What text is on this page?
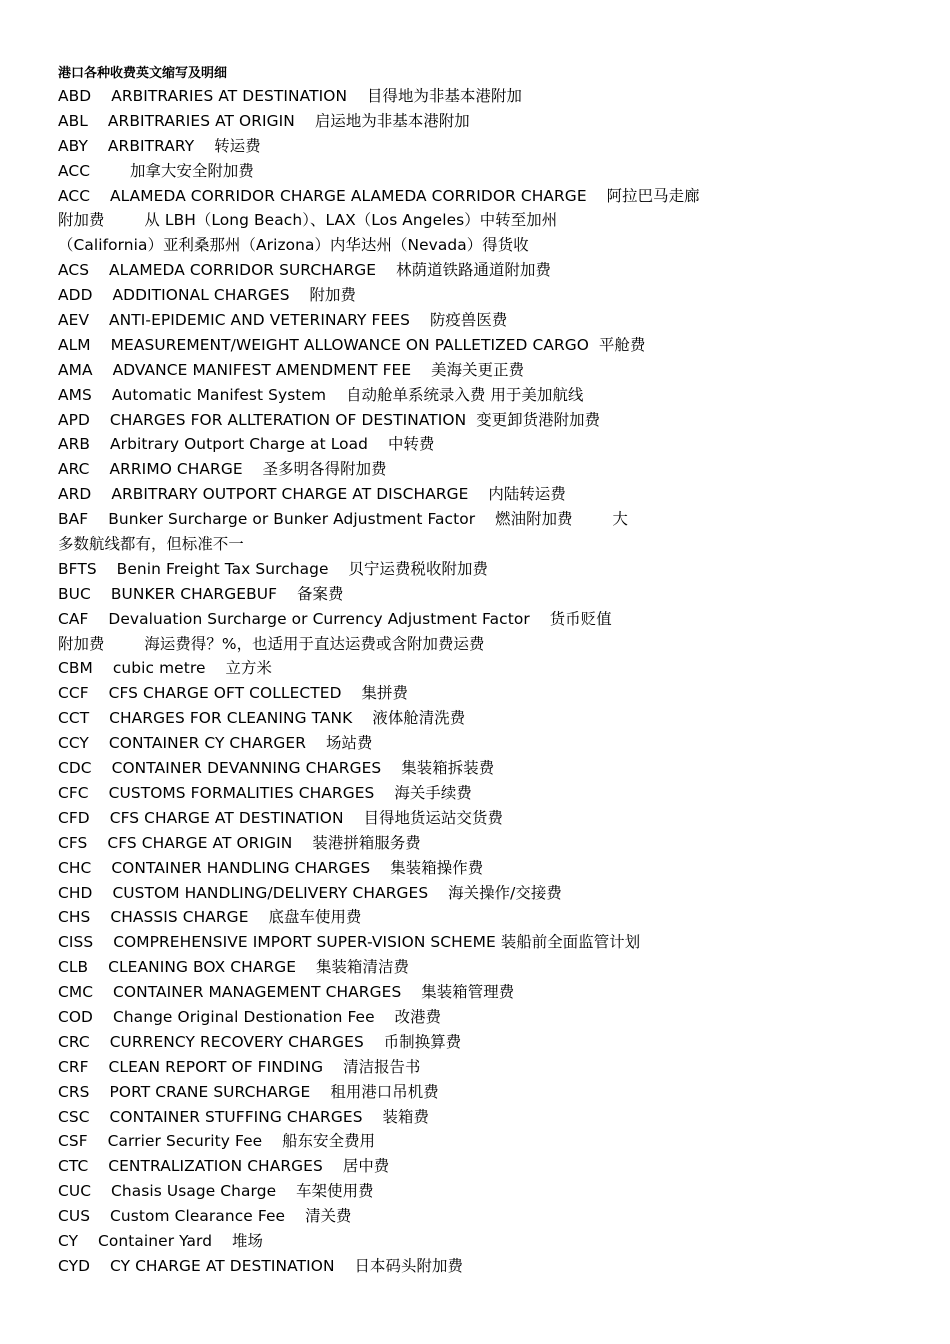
港口各种收费英文缩写及明细
ABD    ARBITRARIES AT DESTINATION    目得地为非基本港附加
ABL    ARBITRARIES AT ORIGIN    启运地为非基本港附加
ABY    ARBITRARY    转运费
ACC        加拿大安全附加费
ACC    ALAMEDA CORRIDOR CHARGE ALAMEDA CORRIDOR CHARGE    阿拉巴马走廊
附加费        从 LBH（Long Beach）、LAX（Los Angeles）中转至加州
（California）亚利桑那州（Arizona）内华达州（Nevada）得货收
ACS    ALAMEDA CORRIDOR SURCHARGE    林荫道铁路通道附加费
ADD    ADDITIONAL CHARGES    附加费
AEV    ANTI-EPIDEMIC AND VETERINARY FEES    防疫兽医费
ALM    MEASUREMENT/WEIGHT ALLOWANCE ON PALLETIZED CARGO  平舱费
AMA    ADVANCE MANIFEST AMENDMENT FEE    美海关更正费
AMS    Automatic Manifest System    自动舱单系统录入费 用于美加航线
APD    CHARGES FOR ALLTERATION OF DESTINATION  变更卸货港附加费
ARB    Arbitrary Outport Charge at Load    中转费
ARC    ARRIMO CHARGE    圣多明各得附加费
ARD    ARBITRARY OUTPORT CHARGE AT DISCHARGE    内陆转运费
BAF    Bunker Surcharge or Bunker Adjustment Factor    燃油附加费        大
多数航线都有，但标准不一
BFTS    Benin Freight Tax Surchage    贝宁运费税收附加费
BUC    BUNKER CHARGEBUF    备案费
CAF    Devaluation Surcharge or Currency Adjustment Factor    货币贬值
附加费        海运费得？%，也适用于直达运费或含附加费运费
CBM    cubic metre    立方米
CCF    CFS CHARGE OFT COLLECTED    集拼费
CCT    CHARGES FOR CLEANING TANK    液体舱清洗费
CCY    CONTAINER CY CHARGER    场站费
CDC    CONTAINER DEVANNING CHARGES    集装箱拆装费
CFC    CUSTOMS FORMALITIES CHARGES    海关手续费
CFD    CFS CHARGE AT DESTINATION    目得地货运站交货费
CFS    CFS CHARGE AT ORIGIN    装港拼箱服务费
CHC    CONTAINER HANDLING CHARGES    集装箱操作费
CHD    CUSTOM HANDLING/DELIVERY CHARGES    海关操作/交接费
CHS    CHASSIS CHARGE    底盘车使用费
CISS    COMPREHENSIVE IMPORT SUPER-VISION SCHEME 装船前全面监管计划
CLB    CLEANING BOX CHARGE    集装箱清洁费
CMC    CONTAINER MANAGEMENT CHARGES    集装箱管理费
COD    Change Original Destionation Fee    改港费
CRC    CURRENCY RECOVERY CHARGES    币制换算费
CRF    CLEAN REPORT OF FINDING    清洁报告书
CRS    PORT CRANE SURCHARGE    租用港口吊机费
CSC    CONTAINER STUFFING CHARGES    装箱费
CSF    Carrier Security Fee    船东安全费用
CTC    CENTRALIZATION CHARGES    居中费
CUC    Chasis Usage Charge    车架使用费
CUS    Custom Clearance Fee    清关费
CY    Container Yard    堆场
CYD    CY CHARGE AT DESTINATION    日本码头附加费
